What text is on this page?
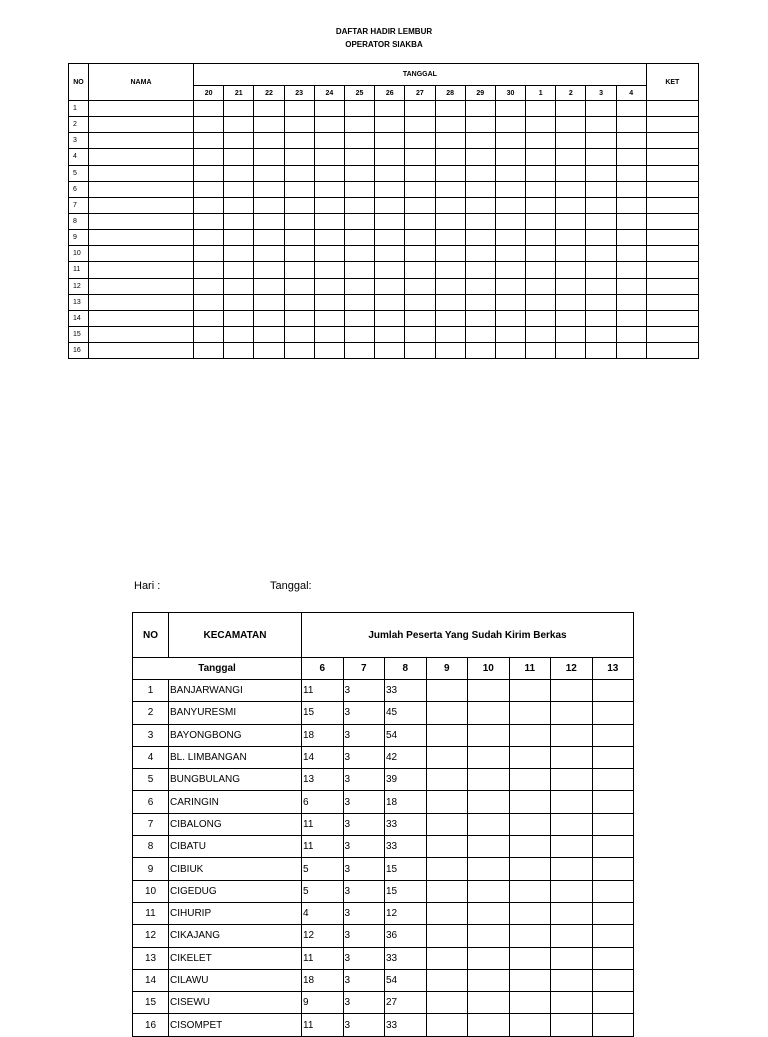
DAFTAR HADIR LEMBUR
OPERATOR SIAKBA
NO	NAMA	TANGGAL															KET
		20	21	22	23	24	25	26	27	28	29	30	1	2	3	4	
1																	
2																	
3																	
4																	
5																	
6																	
7																	
8																	
9																	
10																	
11																	
12																	
13																	
14																	
15																	
16																	
Hari :	Tanggal:
NO	KECAMATAN	Jumlah Peserta Yang Sudah Kirim Berkas							
Tanggal		6	7	8	9	10	11	12	13
1	BANJARWANGI	11	3	33					
2	BANYURESMI	15	3	45					
3	BAYONGBONG	18	3	54					
4	BL. LIMBANGAN	14	3	42					
5	BUNGBULANG	13	3	39					
6	CARINGIN	6	3	18					
7	CIBALONG	11	3	33					
8	CIBATU	11	3	33					
9	CIBIUK	5	3	15					
10	CIGEDUG	5	3	15					
11	CIHURIP	4	3	12					
12	CIKAJANG	12	3	36					
13	CIKELET	11	3	33					
14	CILAWU	18	3	54					
15	CISEWU	9	3	27					
16	CISOMPET	11	3	33					
